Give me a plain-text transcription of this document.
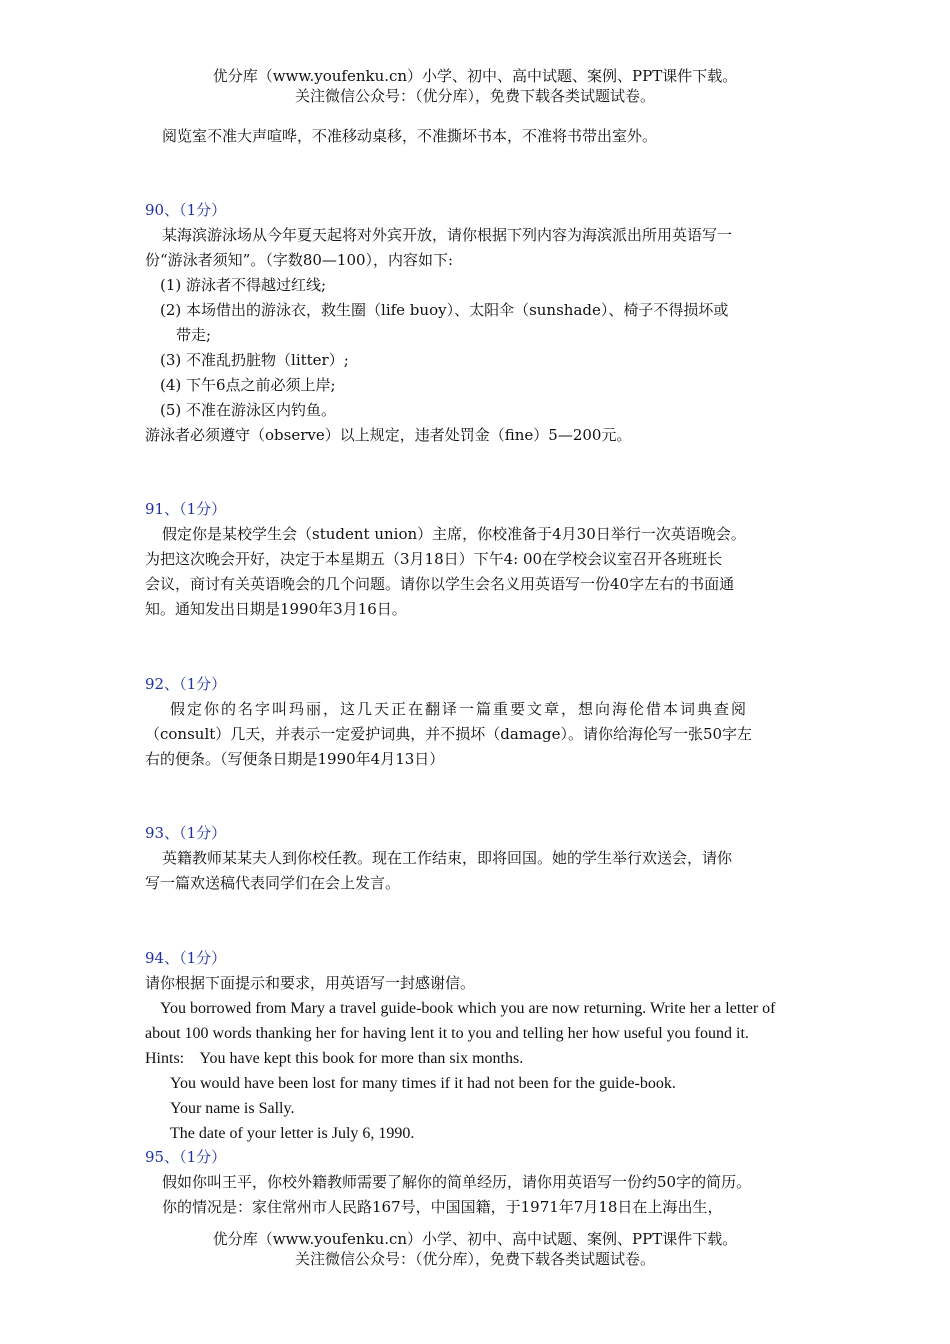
优分库（www.youfenku.cn）小学、初中、高中试题、案例、PPT课件下载。
关注微信公众号：（优分库），免费下载各类试题试卷。
阅览室不准大声喧哗，不准移动桌移，不准撕坏书本，不准将书带出室外。
90、（1分）
某海滨游泳场从今年夏天起将对外宾开放，请你根据下列内容为海滨派出所用英语写一
份“游泳者须知”。（字数80—100），内容如下:
(1) 游泳者不得越过红线;
(2) 本场借出的游泳衣，救生圈（life buoy）、太阳伞（sunshade）、椅子不得损坏或
带走;
(3) 不准乱扔脏物（litter）;
(4) 下午6点之前必须上岸;
(5) 不准在游泳区内钓鱼。
游泳者必须遵守（observe）以上规定，违者处罚金（fine）5—200元。
91、（1分）
假定你是某校学生会（student union）主席，你校准备于4月30日举行一次英语晚会。
为把这次晚会开好，决定于本星期五（3月18日）下午4: 00在学校会议室召开各班班长
会议，商讨有关英语晚会的几个问题。请你以学生会名义用英语写一份40字左右的书面通
知。通知发出日期是1990年3月16日。
92、（1分）
假定你的名字叫玛丽，这几天正在翻译一篇重要文章，想向海伦借本词典查阅
（consult）几天，并表示一定爱护词典，并不损坏（damage）。请你给海伦写一张50字左
右的便条。（写便条日期是1990年4月13日）
93、（1分）
英籍教师某某夫人到你校任教。现在工作结束，即将回国。她的学生举行欢送会，请你
写一篇欢送稿代表同学们在会上发言。
94、（1分）
请你根据下面提示和要求，用英语写一封感谢信。
You borrowed from Mary a travel guide-book which you are now returning. Write her a letter of
about 100 words thanking her for having lent it to you and telling her how useful you found it.
Hints:    You have kept this book for more than six months.
You would have been lost for many times if it had not been for the guide-book.
Your name is Sally.
The date of your letter is July 6, 1990.
95、（1分）
假如你叫王平，你校外籍教师需要了解你的简单经历，请你用英语写一份约50字的简历。
你的情况是：家住常州市人民路167号，中国国籍，于1971年7月18日在上海出生，
优分库（www.youfenku.cn）小学、初中、高中试题、案例、PPT课件下载。
关注微信公众号：（优分库），免费下载各类试题试卷。
